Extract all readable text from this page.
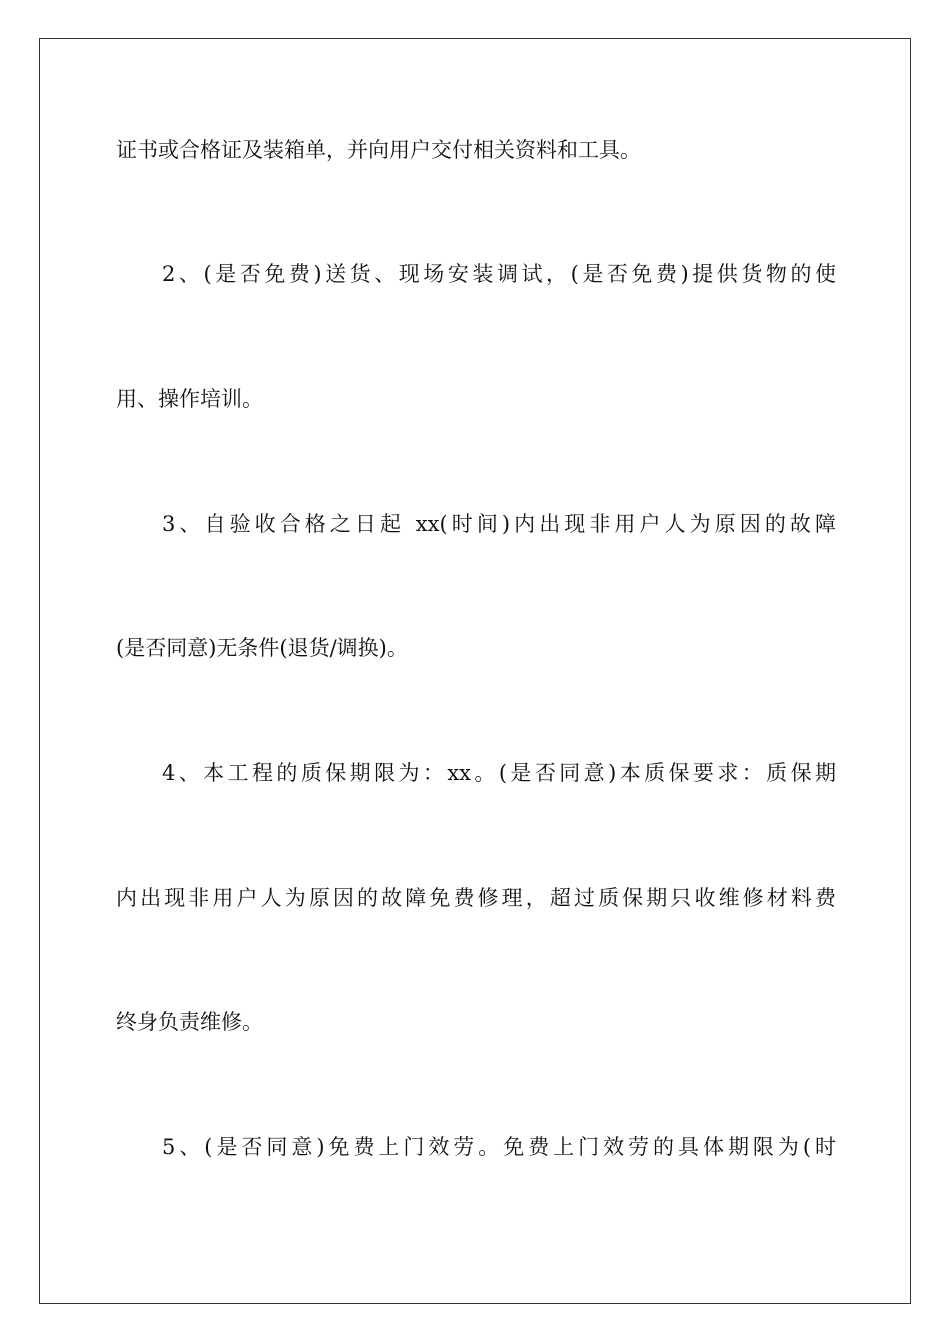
证书或合格证及装箱单，并向用户交付相关资料和工具。
2、(是否免费)送货、现场安装调试，(是否免费)提供货物的使
用、操作培训。
3、自验收合格之日起 xx(时间)内出现非用户人为原因的故障
(是否同意)无条件(退货/调换)。
4、本工程的质保期限为：xx。(是否同意)本质保要求：质保期
内出现非用户人为原因的故障免费修理，超过质保期只收维修材料费
终身负责维修。
5、(是否同意)免费上门效劳。免费上门效劳的具体期限为(时
